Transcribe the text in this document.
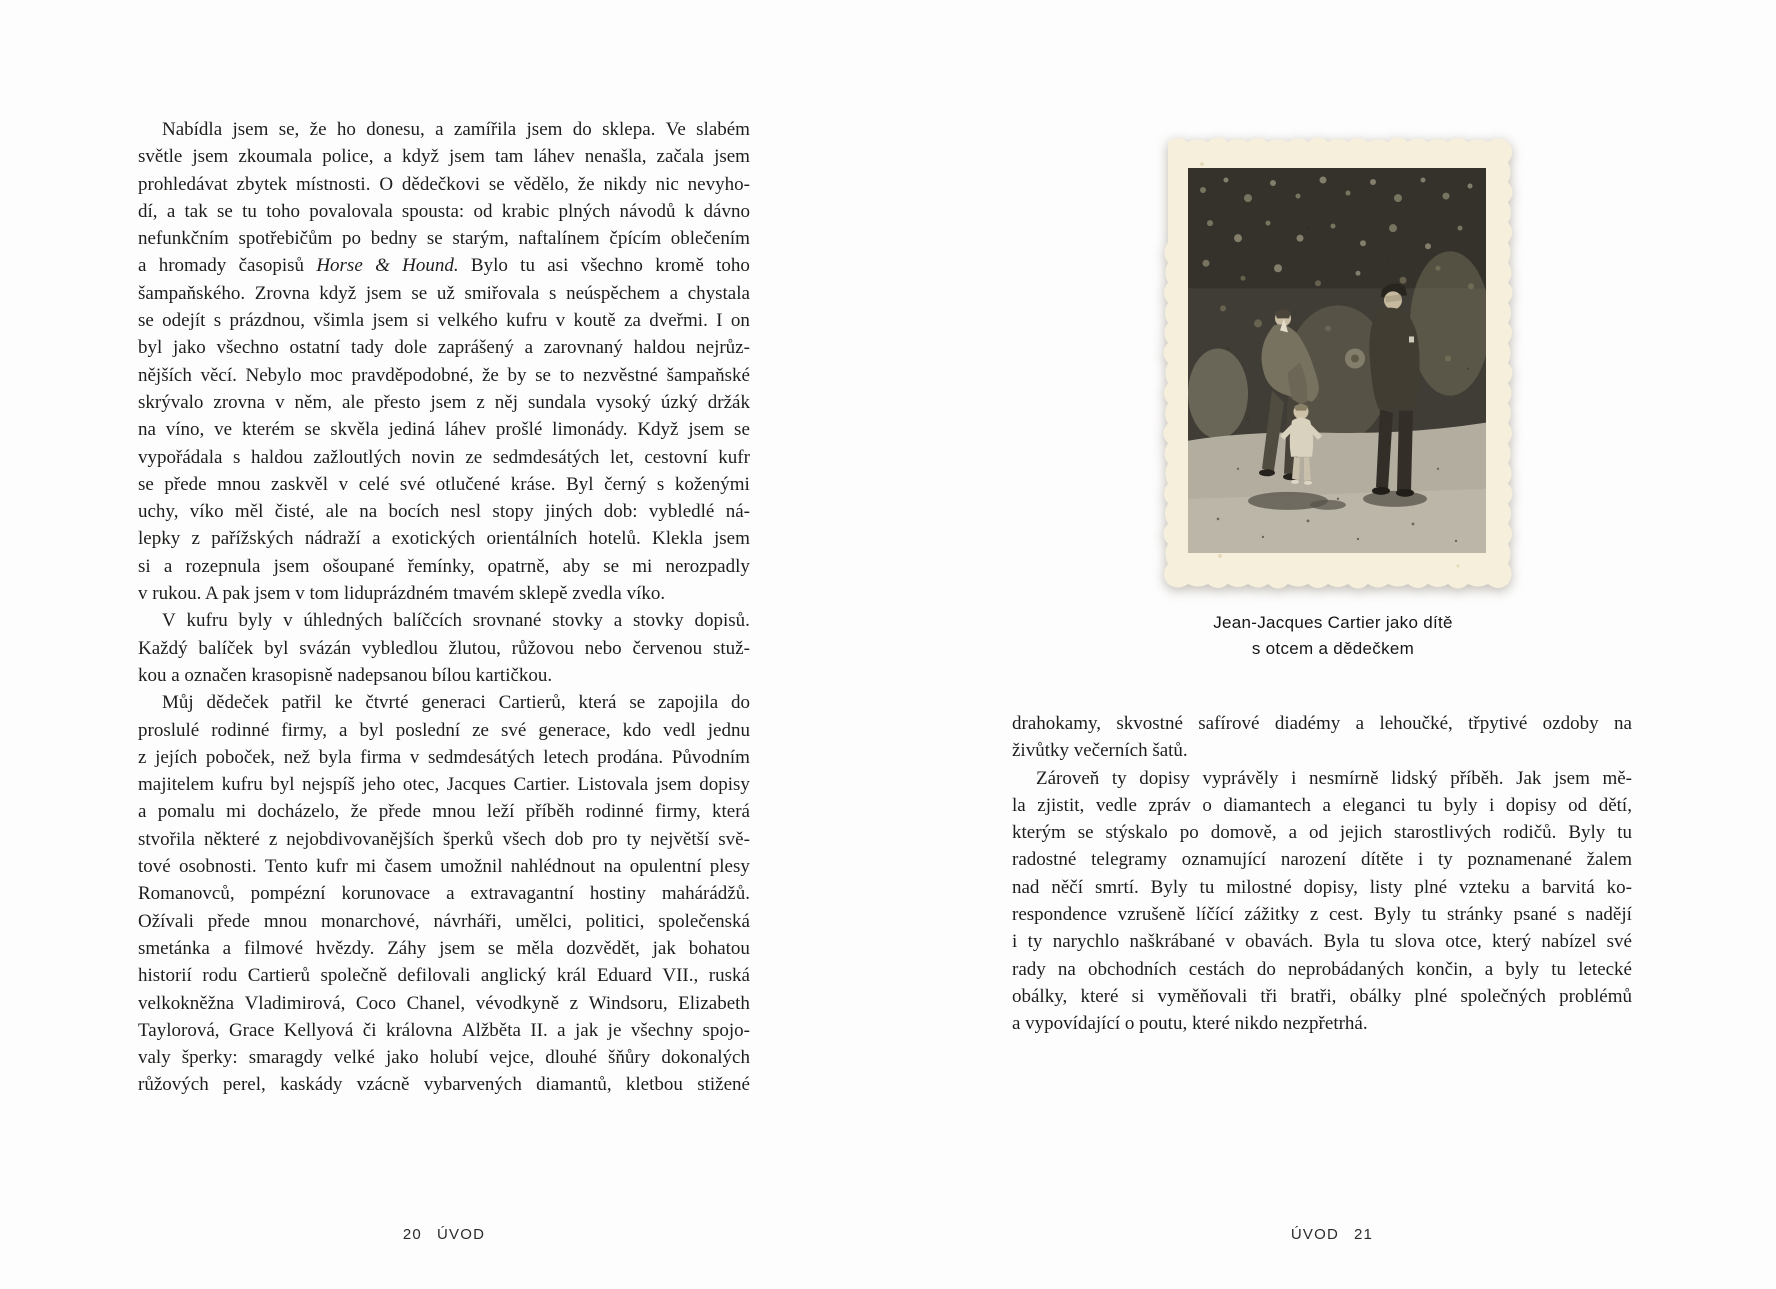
Nabídla jsem se, že ho donesu, a zamířila jsem do sklepa. Ve slabém
světle jsem zkoumala police, a když jsem tam láhev nenašla, začala jsem
prohledávat zbytek místnosti. O dědečkovi se vědělo, že nikdy nic nevyho-
dí, a tak se tu toho povalovala spousta: od krabic plných návodů k dávno
nefunkčním spotřebičům po bedny se starým, naftalínem čpícím oblečením
a hromady časopisů Horse & Hound. Bylo tu asi všechno kromě toho
šampaňského. Zrovna když jsem se už smiřovala s neúspěchem a chystala
se odejít s prázdnou, všimla jsem si velkého kufru v koutě za dveřmi. I on
byl jako všechno ostatní tady dole zaprášený a zarovnaný haldou nejrůz-
nějších věcí. Nebylo moc pravděpodobné, že by se to nezvěstné šampaňské
skrývalo zrovna v něm, ale přesto jsem z něj sundala vysoký úzký držák
na víno, ve kterém se skvěla jediná láhev prošlé limonády. Když jsem se
vypořádala s haldou zažloutlých novin ze sedmdesátých let, cestovní kufr
se přede mnou zaskvěl v celé své otlučené kráse. Byl černý s koženými
uchy, víko měl čisté, ale na bocích nesl stopy jiných dob: vybledlé ná-
lepky z pařížských nádraží a exotických orientálních hotelů. Klekla jsem
si a rozepnula jsem ošoupané řemínky, opatrně, aby se mi nerozpadly
v rukou. A pak jsem v tom liduprázdném tmavém sklepě zvedla víko.
V kufru byly v úhledných balíčcích srovnané stovky a stovky dopisů.
Každý balíček byl svázán vybledlou žlutou, růžovou nebo červenou stuž-
kou a označen krasopisně nadepsanou bílou kartičkou.
Můj dědeček patřil ke čtvrté generaci Cartierů, která se zapojila do
proslulé rodinné firmy, a byl poslední ze své generace, kdo vedl jednu
z jejích poboček, než byla firma v sedmdesátých letech prodána. Původním
majitelem kufru byl nejspíš jeho otec, Jacques Cartier. Listovala jsem dopisy
a pomalu mi docházelo, že přede mnou leží příběh rodinné firmy, která
stvořila některé z nejobdivovanějších šperků všech dob pro ty největší svě-
tové osobnosti. Tento kufr mi časem umožnil nahlédnout na opulentní plesy
Romanovců, pompézní korunovace a extravagantní hostiny mahárádžů.
Ožívali přede mnou monarchové, návrháři, umělci, politici, společenská
smetánka a filmové hvězdy. Záhy jsem se měla dozvědět, jak bohatou
historií rodu Cartierů společně defilovali anglický král Eduard VII., ruská
velkokněžna Vladimirová, Coco Chanel, vévodkyně z Windsoru, Elizabeth
Taylorová, Grace Kellyová či královna Alžběta II. a jak je všechny spojo-
valy šperky: smaragdy velké jako holubí vejce, dlouhé šňůry dokonalých
růžových perel, kaskády vzácně vybarvených diamantů, kletbou stižené
20 ÚVOD
Jean-Jacques Cartier jako dítě
s otcem a dědečkem
drahokamy, skvostné safírové diadémy a lehoučké, třpytivé ozdoby na
živůtky večerních šatů.
Zároveň ty dopisy vyprávěly i nesmírně lidský příběh. Jak jsem mě-
la zjistit, vedle zpráv o diamantech a eleganci tu byly i dopisy od dětí,
kterým se stýskalo po domově, a od jejich starostlivých rodičů. Byly tu
radostné telegramy oznamující narození dítěte i ty poznamenané žalem
nad něčí smrtí. Byly tu milostné dopisy, listy plné vzteku a barvitá ko-
respondence vzrušeně líčící zážitky z cest. Byly tu stránky psané s nadějí
i ty narychlo naškrábané v obavách. Byla tu slova otce, který nabízel své
rady na obchodních cestách do neprobádaných končin, a byly tu letecké
obálky, které si vyměňovali tři bratři, obálky plné společných problémů
a vypovídající o poutu, které nikdo nezpřetrhá.
ÚVOD 21
